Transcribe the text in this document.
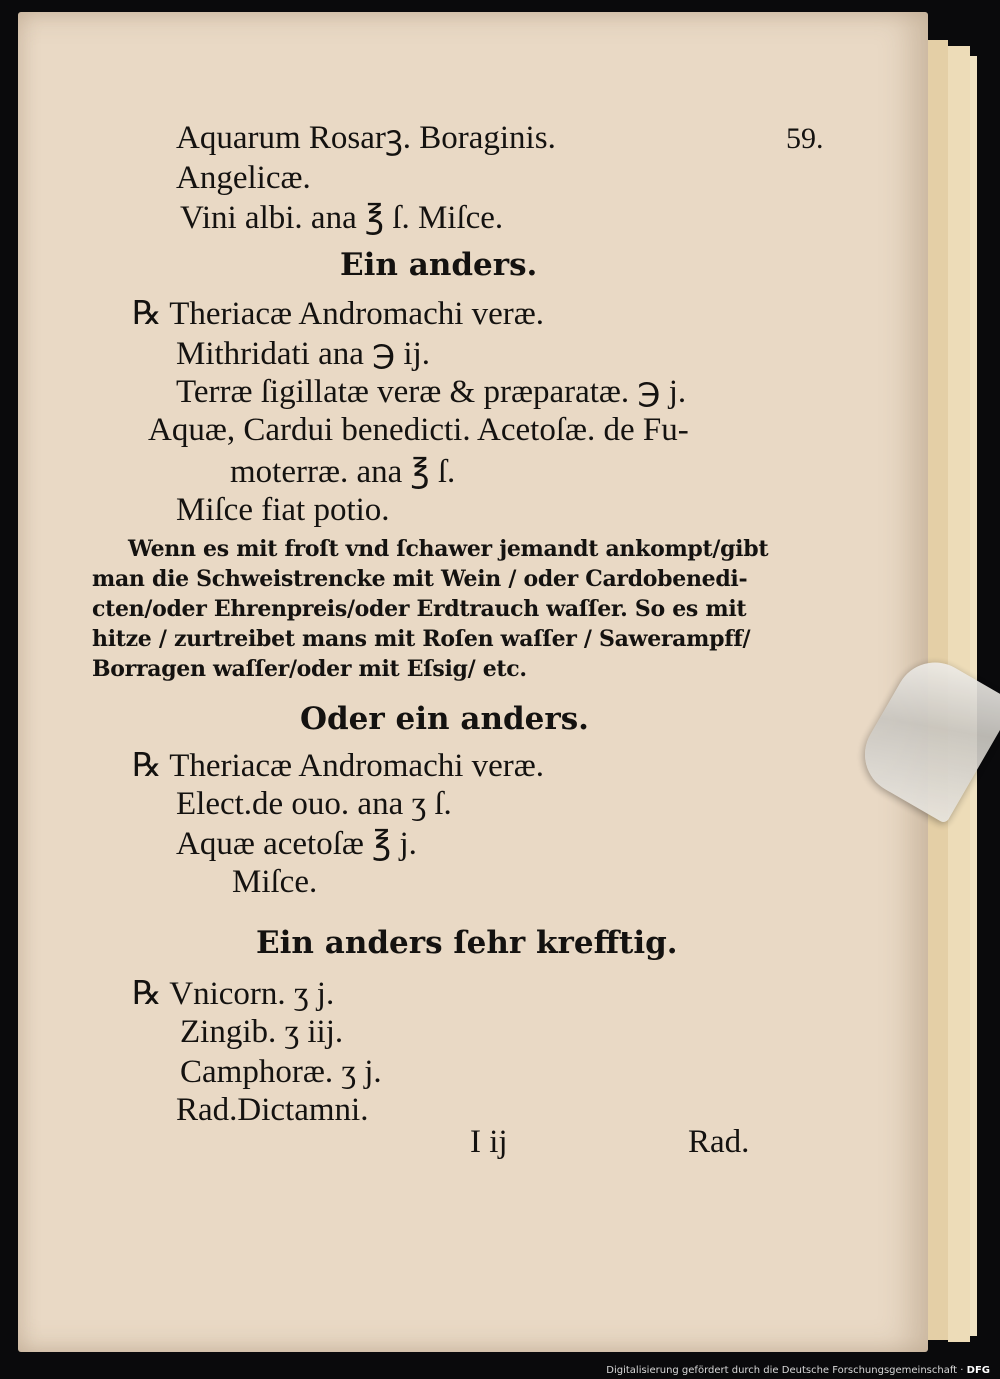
59.
Aquarum Rosarꝫ. Boraginis.
Angelicæ.
Vini albi. ana ℥ ſ. Miſce.
Ein anders.
℞ Theriacæ Andromachi veræ.
Mithridati ana ℈ ij.
Terræ ſigillatæ veræ & præparatæ. ℈ j.
Aquæ, Cardui benedicti. Acetoſæ. de Fu-
moterræ. ana ℥ ſ.
Miſce fiat potio.
Wenn es mit froſt vnd ſchawer jemandt ankompt/gibt
man die Schweistrencke mit Wein / oder Cardobenedi-
cten/oder Ehrenpreis/oder Erdtrauch waſſer. So es mit
hitze / zurtreibet mans mit Roſen waſſer / Sawerampff/
Borragen waſſer/oder mit Eſsig/ etc.
Oder ein anders.
℞ Theriacæ Andromachi veræ.
Elect.de ouo. ana ʒ ſ.
Aquæ acetoſæ ℥ j.
Miſce.
Ein anders ſehr krefftig.
℞ Vnicorn. ʒ j.
Zingib. ʒ iij.
Camphoræ. ʒ j.
Rad.Dictamni.
I ij	Rad.
Digitalisierung gefördert durch die Deutsche Forschungsgemeinschaft · DFG
